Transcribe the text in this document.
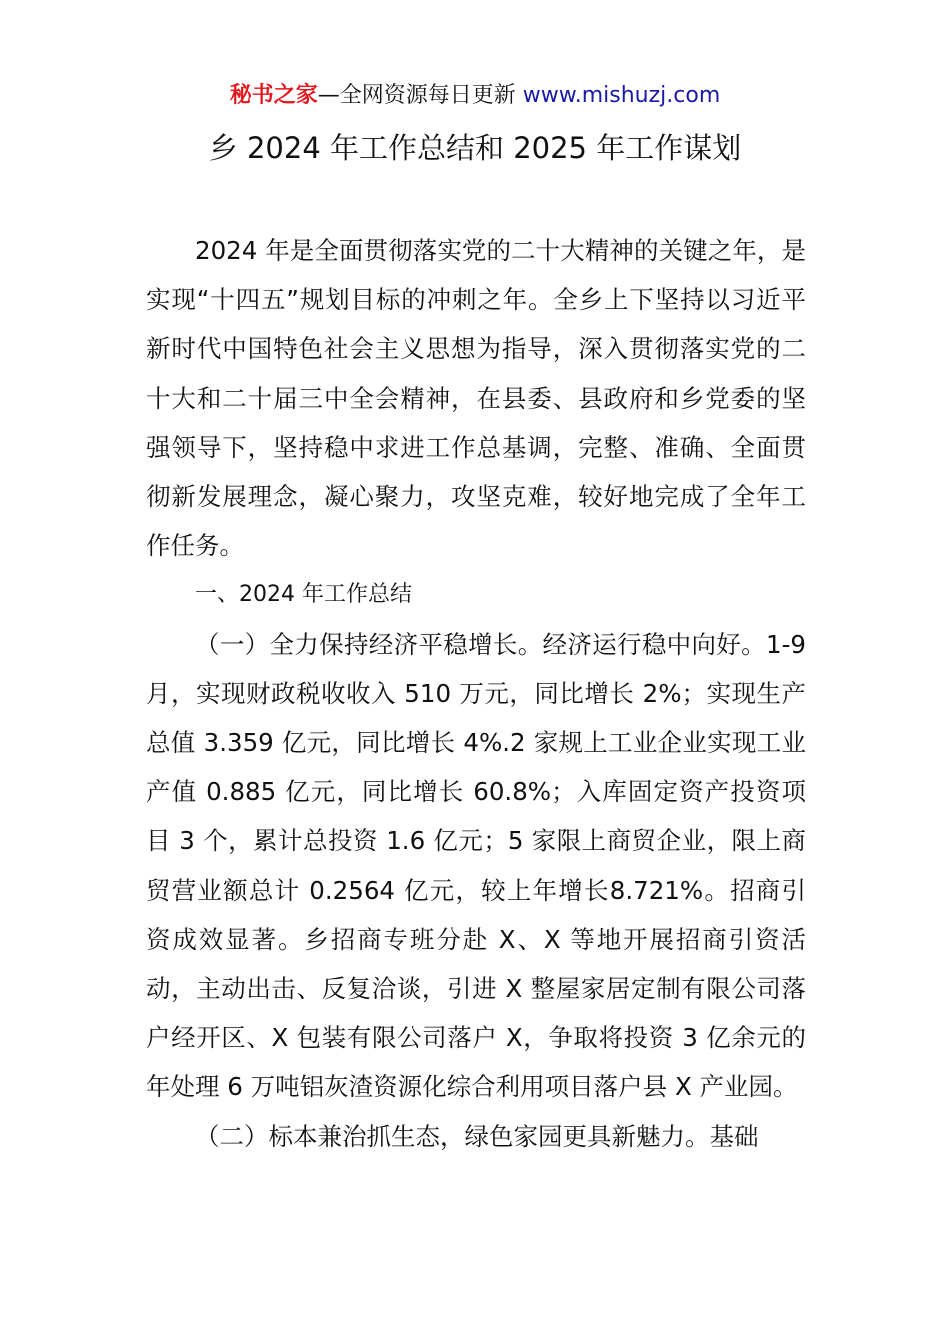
秘书之家—全网资源每日更新 www.mishuzj.com
乡 2024 年工作总结和 2025 年工作谋划

2024 年是全面贯彻落实党的二十大精神的关键之年，是实现“十四五”规划目标的冲刺之年。全乡上下坚持以习近平新时代中国特色社会主义思想为指导，深入贯彻落实党的二十大和二十届三中全会精神，在县委、县政府和乡党委的坚强领导下，坚持稳中求进工作总基调，完整、准确、全面贯彻新发展理念，凝心聚力，攻坚克难，较好地完成了全年工作任务。

一、2024 年工作总结

（一）全力保持经济平稳增长。经济运行稳中向好。1-9 月，实现财政税收收入 510 万元，同比增长 2%；实现生产总值 3.359 亿元，同比增长 4%.2 家规上工业企业实现工业产值 0.885 亿元，同比增长 60.8%；入库固定资产投资项目 3 个，累计总投资 1.6 亿元；5 家限上商贸企业，限上商贸营业额总计 0.2564 亿元，较上年增长8.721%。招商引资成效显著。乡招商专班分赴 X、X 等地开展招商引资活动，主动出击、反复洽谈，引进 X 整屋家居定制有限公司落户经开区、X 包装有限公司落户 X，争取将投资 3 亿余元的年处理 6 万吨铝灰渣资源化综合利用项目落户县 X 产业园。

（二）标本兼治抓生态，绿色家园更具新魅力。基础
